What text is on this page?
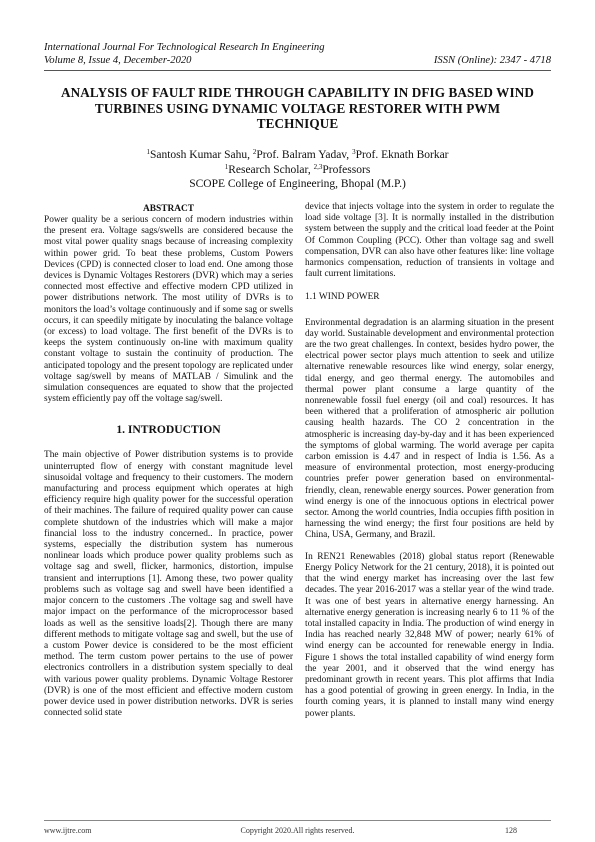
International Journal For Technological Research In Engineering
Volume 8, Issue 4, December-2020	ISSN (Online): 2347 - 4718
ANALYSIS OF FAULT RIDE THROUGH CAPABILITY IN DFIG BASED WIND
TURBINES USING DYNAMIC VOLTAGE RESTORER WITH PWM
TECHNIQUE
$^1$Santosh Kumar Sahu, $^2$Prof. Balram Yadav, $^3$Prof. Eknath Borkar
$^1$Research Scholar, $^{2,3}$Professors
SCOPE College of Engineering, Bhopal (M.P.)
ABSTRACT

Power quality be a serious concern of modern industries within the present era. Voltage sags/swells are considered because the most vital power quality snags because of increasing complexity within power grid. To beat these problems, Custom Powers Devices (CPD) is connected closer to load end. One among those devices is Dynamic Voltages Restorers (DVR) which may a series connected most effective and effective modern CPD utilized in power distributions network. The most utility of DVRs is to monitors the load’s voltage continuously and if some sag or swells occurs, it can speedily mitigate by inoculating the balance voltage (or excess) to load voltage. The first benefit of the DVRs is to keeps the system continuously on-line with maximum quality constant voltage to sustain the continuity of production. The anticipated topology and the present topology are replicated under voltage sag/swell by means of MATLAB / Simulink and the simulation consequences are equated to show that the projected system efficiently pay off the voltage sag/swell.

1. INTRODUCTION

The main objective of Power distribution systems is to provide uninterrupted flow of energy with constant magnitude level sinusoidal voltage and frequency to their customers. The modern manufacturing and process equipment which operates at high efficiency require high quality power for the successful operation of their machines. The failure of required quality power can cause complete shutdown of the industries which will make a major financial loss to the industry concerned.. In practice, power systems, especially the distribution system has numerous nonlinear loads which produce power quality problems such as voltage sag and swell, flicker, harmonics, distortion, impulse transient and interruptions [1]. Among these, two power quality problems such as voltage sag and swell have been identified a major concern to the customers .The voltage sag and swell have major impact on the performance of the microprocessor based loads as well as the sensitive loads[2]. Though there are many different methods to mitigate voltage sag and swell, but the use of a custom Power device is considered to be the most efficient method. The term custom power pertains to the use of power electronics controllers in a distribution system specially to deal with various power quality problems. Dynamic Voltage Restorer (DVR) is one of the most efficient and effective modern custom power device used in power distribution networks. DVR is series connected solid state

device that injects voltage into the system in order to regulate the load side voltage [3]. It is normally installed in the distribution system between the supply and the critical load feeder at the Point Of Common Coupling (PCC). Other than voltage sag and swell compensation, DVR can also have other features like: line voltage harmonics compensation, reduction of transients in voltage and fault current limitations.

1.1 WIND POWER

Environmental degradation is an alarming situation in the present day world. Sustainable development and environmental protection are the two great challenges. In context, besides hydro power, the electrical power sector plays much attention to seek and utilize alternative renewable resources like wind energy, solar energy, tidal energy, and geo thermal energy. The automobiles and thermal power plant consume a large quantity of the nonrenewable fossil fuel energy (oil and coal) resources. It has been withered that a proliferation of atmospheric air pollution causing health hazards. The CO 2 concentration in the atmospheric is increasing day-by-day and it has been experienced the symptoms of global warming. The world average per capita carbon emission is 4.47 and in respect of India is 1.56. As a measure of environmental protection, most energy-producing countries prefer power generation based on environmental-friendly, clean, renewable energy sources. Power generation from wind energy is one of the innocuous options in electrical power sector. Among the world countries, India occupies fifth position in harnessing the wind energy; the first four positions are held by China, USA, Germany, and Brazil.

In REN21 Renewables (2018) global status report (Renewable Energy Policy Network for the 21 century, 2018), it is pointed out that the wind energy market has increasing over the last few decades. The year 2016-2017 was a stellar year of the wind trade. It was one of best years in alternative energy harnessing. An alternative energy generation is increasing nearly 6 to 11 % of the total installed capacity in India. The production of wind energy in India has reached nearly 32,848 MW of power; nearly 61% of wind energy can be accounted for renewable energy in India. Figure 1 shows the total installed capability of wind energy form the year 2001, and it observed that the wind energy has predominant growth in recent years. This plot affirms that India has a good potential of growing in green energy. In India, in the fourth coming years, it is planned to install many wind energy power plants.

www.ijtre.com	Copyright 2020.All rights reserved.	128
